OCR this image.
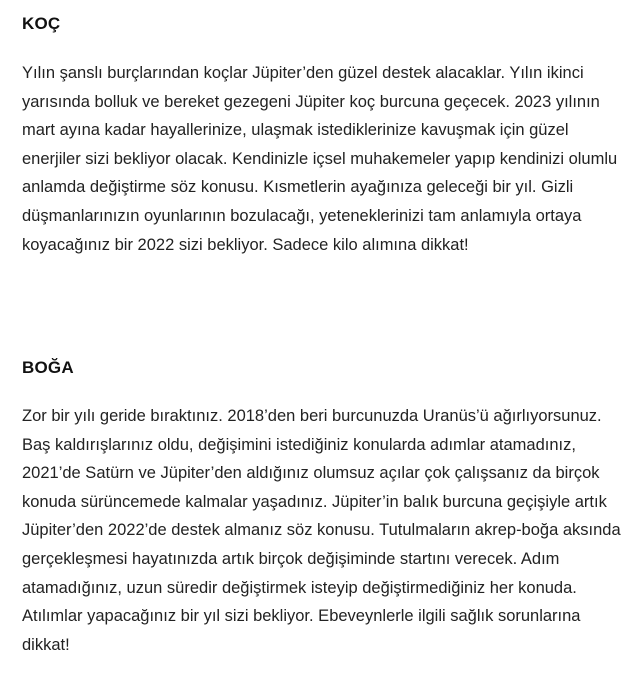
KOÇ

Yılın şanslı burçlarından koçlar Jüpiter’den güzel destek alacaklar. Yılın ikinci yarısında bolluk ve bereket gezegeni Jüpiter koç burcuna geçecek. 2023 yılının mart ayına kadar hayallerinize, ulaşmak istediklerinize kavuşmak için güzel enerjiler sizi bekliyor olacak. Kendinizle içsel muhakemeler yapıp kendinizi olumlu anlamda değiştirme söz konusu. Kısmetlerin ayağınıza geleceği bir yıl. Gizli düşmanlarınızın oyunlarının bozulacağı, yeteneklerinizi tam anlamıyla ortaya koyacağınız bir 2022 sizi bekliyor. Sadece kilo alımına dikkat!

BOĞA

Zor bir yılı geride bıraktınız. 2018’den beri burcunuzda Uranüs’ü ağırlıyorsunuz. Baş kaldırışlarınız oldu, değişimini istediğiniz konularda adımlar atamadınız, 2021’de Satürn ve Jüpiter’den aldığınız olumsuz açılar çok çalışsanız da birçok konuda sürüncemede kalmalar yaşadınız. Jüpiter’in balık burcuna geçişiyle artık Jüpiter’den 2022’de destek almanız söz konusu. Tutulmaların akrep-boğa aksında gerçekleşmesi hayatınızda artık birçok değişiminde startını verecek. Adım atamadığınız, uzun süredir değiştirmek isteyip değiştirmediğiniz her konuda. Atılımlar yapacağınız bir yıl sizi bekliyor. Ebeveynlerle ilgili sağlık sorunlarına dikkat!
